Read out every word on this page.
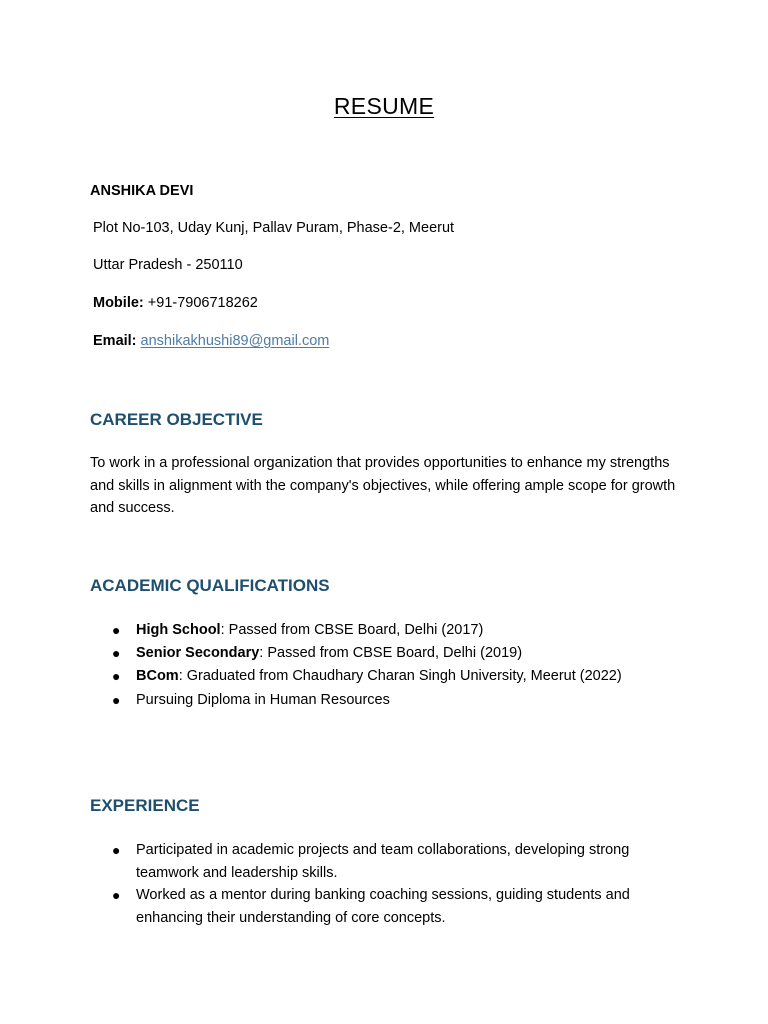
RESUME
ANSHIKA DEVI
Plot No-103, Uday Kunj, Pallav Puram, Phase-2, Meerut
Uttar Pradesh - 250110
Mobile: +91-7906718262
Email: anshikakhushi89@gmail.com
CAREER OBJECTIVE
To work in a professional organization that provides opportunities to enhance my strengths and skills in alignment with the company's objectives, while offering ample scope for growth and success.
ACADEMIC QUALIFICATIONS
● High School: Passed from CBSE Board, Delhi (2017)
● Senior Secondary: Passed from CBSE Board, Delhi (2019)
● BCom: Graduated from Chaudhary Charan Singh University, Meerut (2022)
● Pursuing Diploma in Human Resources
EXPERIENCE
● Participated in academic projects and team collaborations, developing strong teamwork and leadership skills.
● Worked as a mentor during banking coaching sessions, guiding students and enhancing their understanding of core concepts.
